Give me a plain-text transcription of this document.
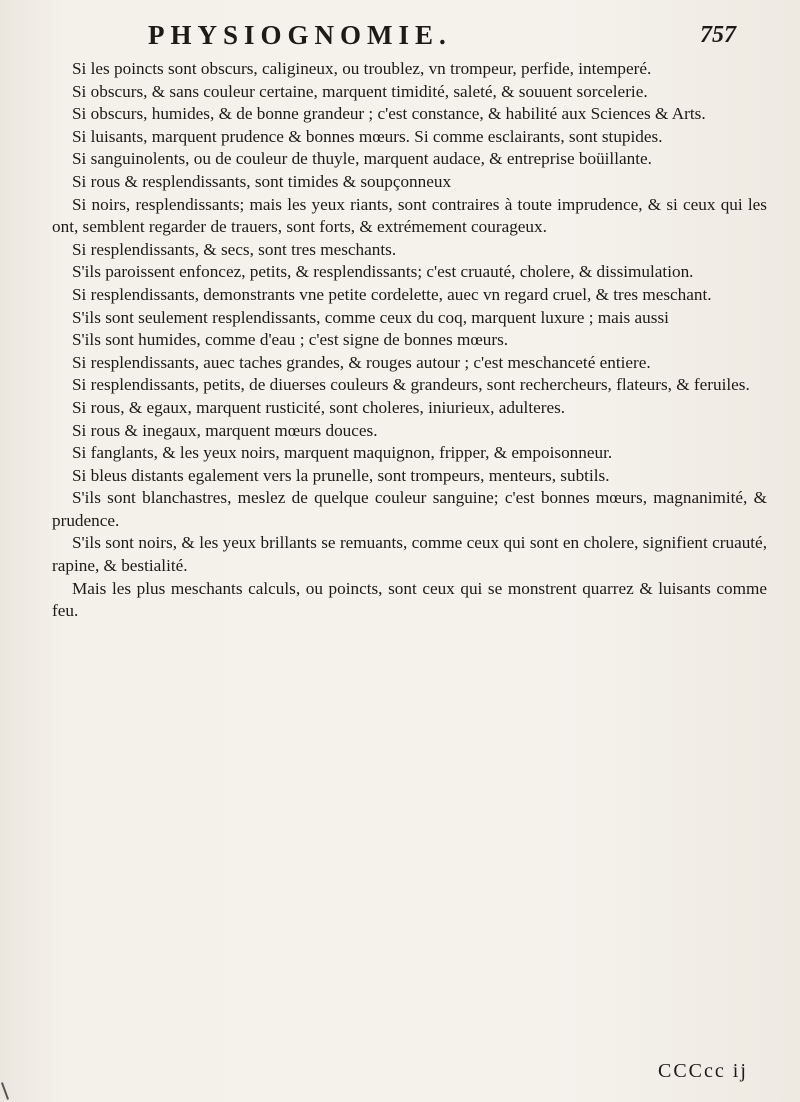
PHYSIOGNOMIE.	757

Si les poincts sont obscurs, caligineux, ou troublez, vn trompeur, perfide, intemperé.

Si obscurs, & sans couleur certaine, marquent timidité, saleté, & souuent sorcelerie.

Si obscurs, humides, & de bonne grandeur ; c'est constance, & habilité aux Sciences & Arts.

Si luisants, marquent prudence & bonnes mœurs. Si comme esclairants, sont stupides.

Si sanguinolents, ou de couleur de thuyle, marquent audace, & entreprise boüillante.

Si rous & resplendissants, sont timides & soupçonneux

Si noirs, resplendissants; mais les yeux riants, sont contraires à toute imprudence, & si ceux qui les ont, semblent regarder de trauers, sont forts, & extrémement courageux.

Si resplendissants, & secs, sont tres meschants.

S'ils paroissent enfoncez, petits, & resplendissants; c'est cruauté, cholere, & dissimulation.

Si resplendissants, demonstrants vne petite cordelette, auec vn regard cruel, & tres meschant.

S'ils sont seulement resplendissants, comme ceux du coq, marquent luxure ; mais aussi

S'ils sont humides, comme d'eau ; c'est signe de bonnes mœurs.

Si resplendissants, auec taches grandes, & rouges autour ; c'est meschanceté entiere.

Si resplendissants, petits, de diuerses couleurs & grandeurs, sont rechercheurs, flateurs, & feruiles.

Si rous, & egaux, marquent rusticité, sont choleres, iniurieux, adulteres.

Si rous & inegaux, marquent mœurs douces.

Si fanglants, & les yeux noirs, marquent maquignon, fripper, & empoisonneur.

Si bleus distants egalement vers la prunelle, sont trompeurs, menteurs, subtils.

S'ils sont blanchastres, meslez de quelque couleur sanguine; c'est bonnes mœurs, magnanimité, & prudence.

S'ils sont noirs, & les yeux brillants se remuants, comme ceux qui sont en cholere, signifient cruauté, rapine, & bestialité.

Mais les plus meschants calculs, ou poincts, sont ceux qui se monstrent quarrez & luisants comme feu.

CCCcc ij
